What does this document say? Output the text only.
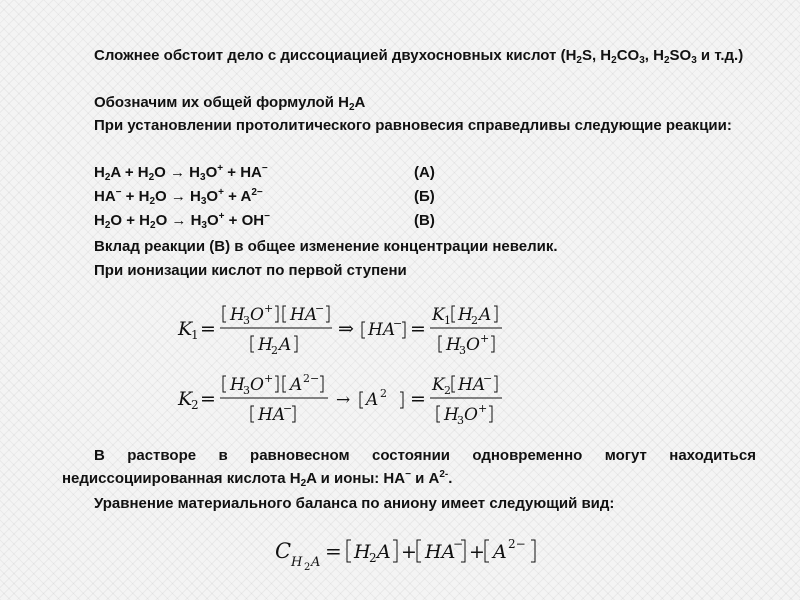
Сложнее обстоит дело с диссоциацией двухосновных кислот ($H_2S$, $H_2CO_3$, $H_2SO_3$ и т.д.)

Обозначим их общей формулой $H_2A$

При установлении протолитического равновесия справедливы следующие реакции:

$H_2A + H_2O \to H_3O^+ + HA^-$	(А)
$HA^- + H_2O \to H_3O^+ + A^{2-}$	(Б)
$H_2O + H_2O \to H_3O^+ + OH^-$	(В)

Вклад реакции (В) в общее изменение концентрации невелик.

При ионизации кислот по первой ступени

K
1 =
H
3 O + HA
−
H
2 A
⇒ HA
− =
K 1 H
2 A
H
3 O +
K
2 =
H
3 O + A 2−
HA
−	→ A 2 =
K 2 HA
−
H
3 O +

В растворе в равновесном состоянии одновременно могут находиться недиссоциированная кислота $H_2A$ и ионы: HA− и $A^{2-}$.

Уравнение материального баланса по аниону имеет следующий вид:

C H 2 A = H
2 A + HA
− + A 2−
